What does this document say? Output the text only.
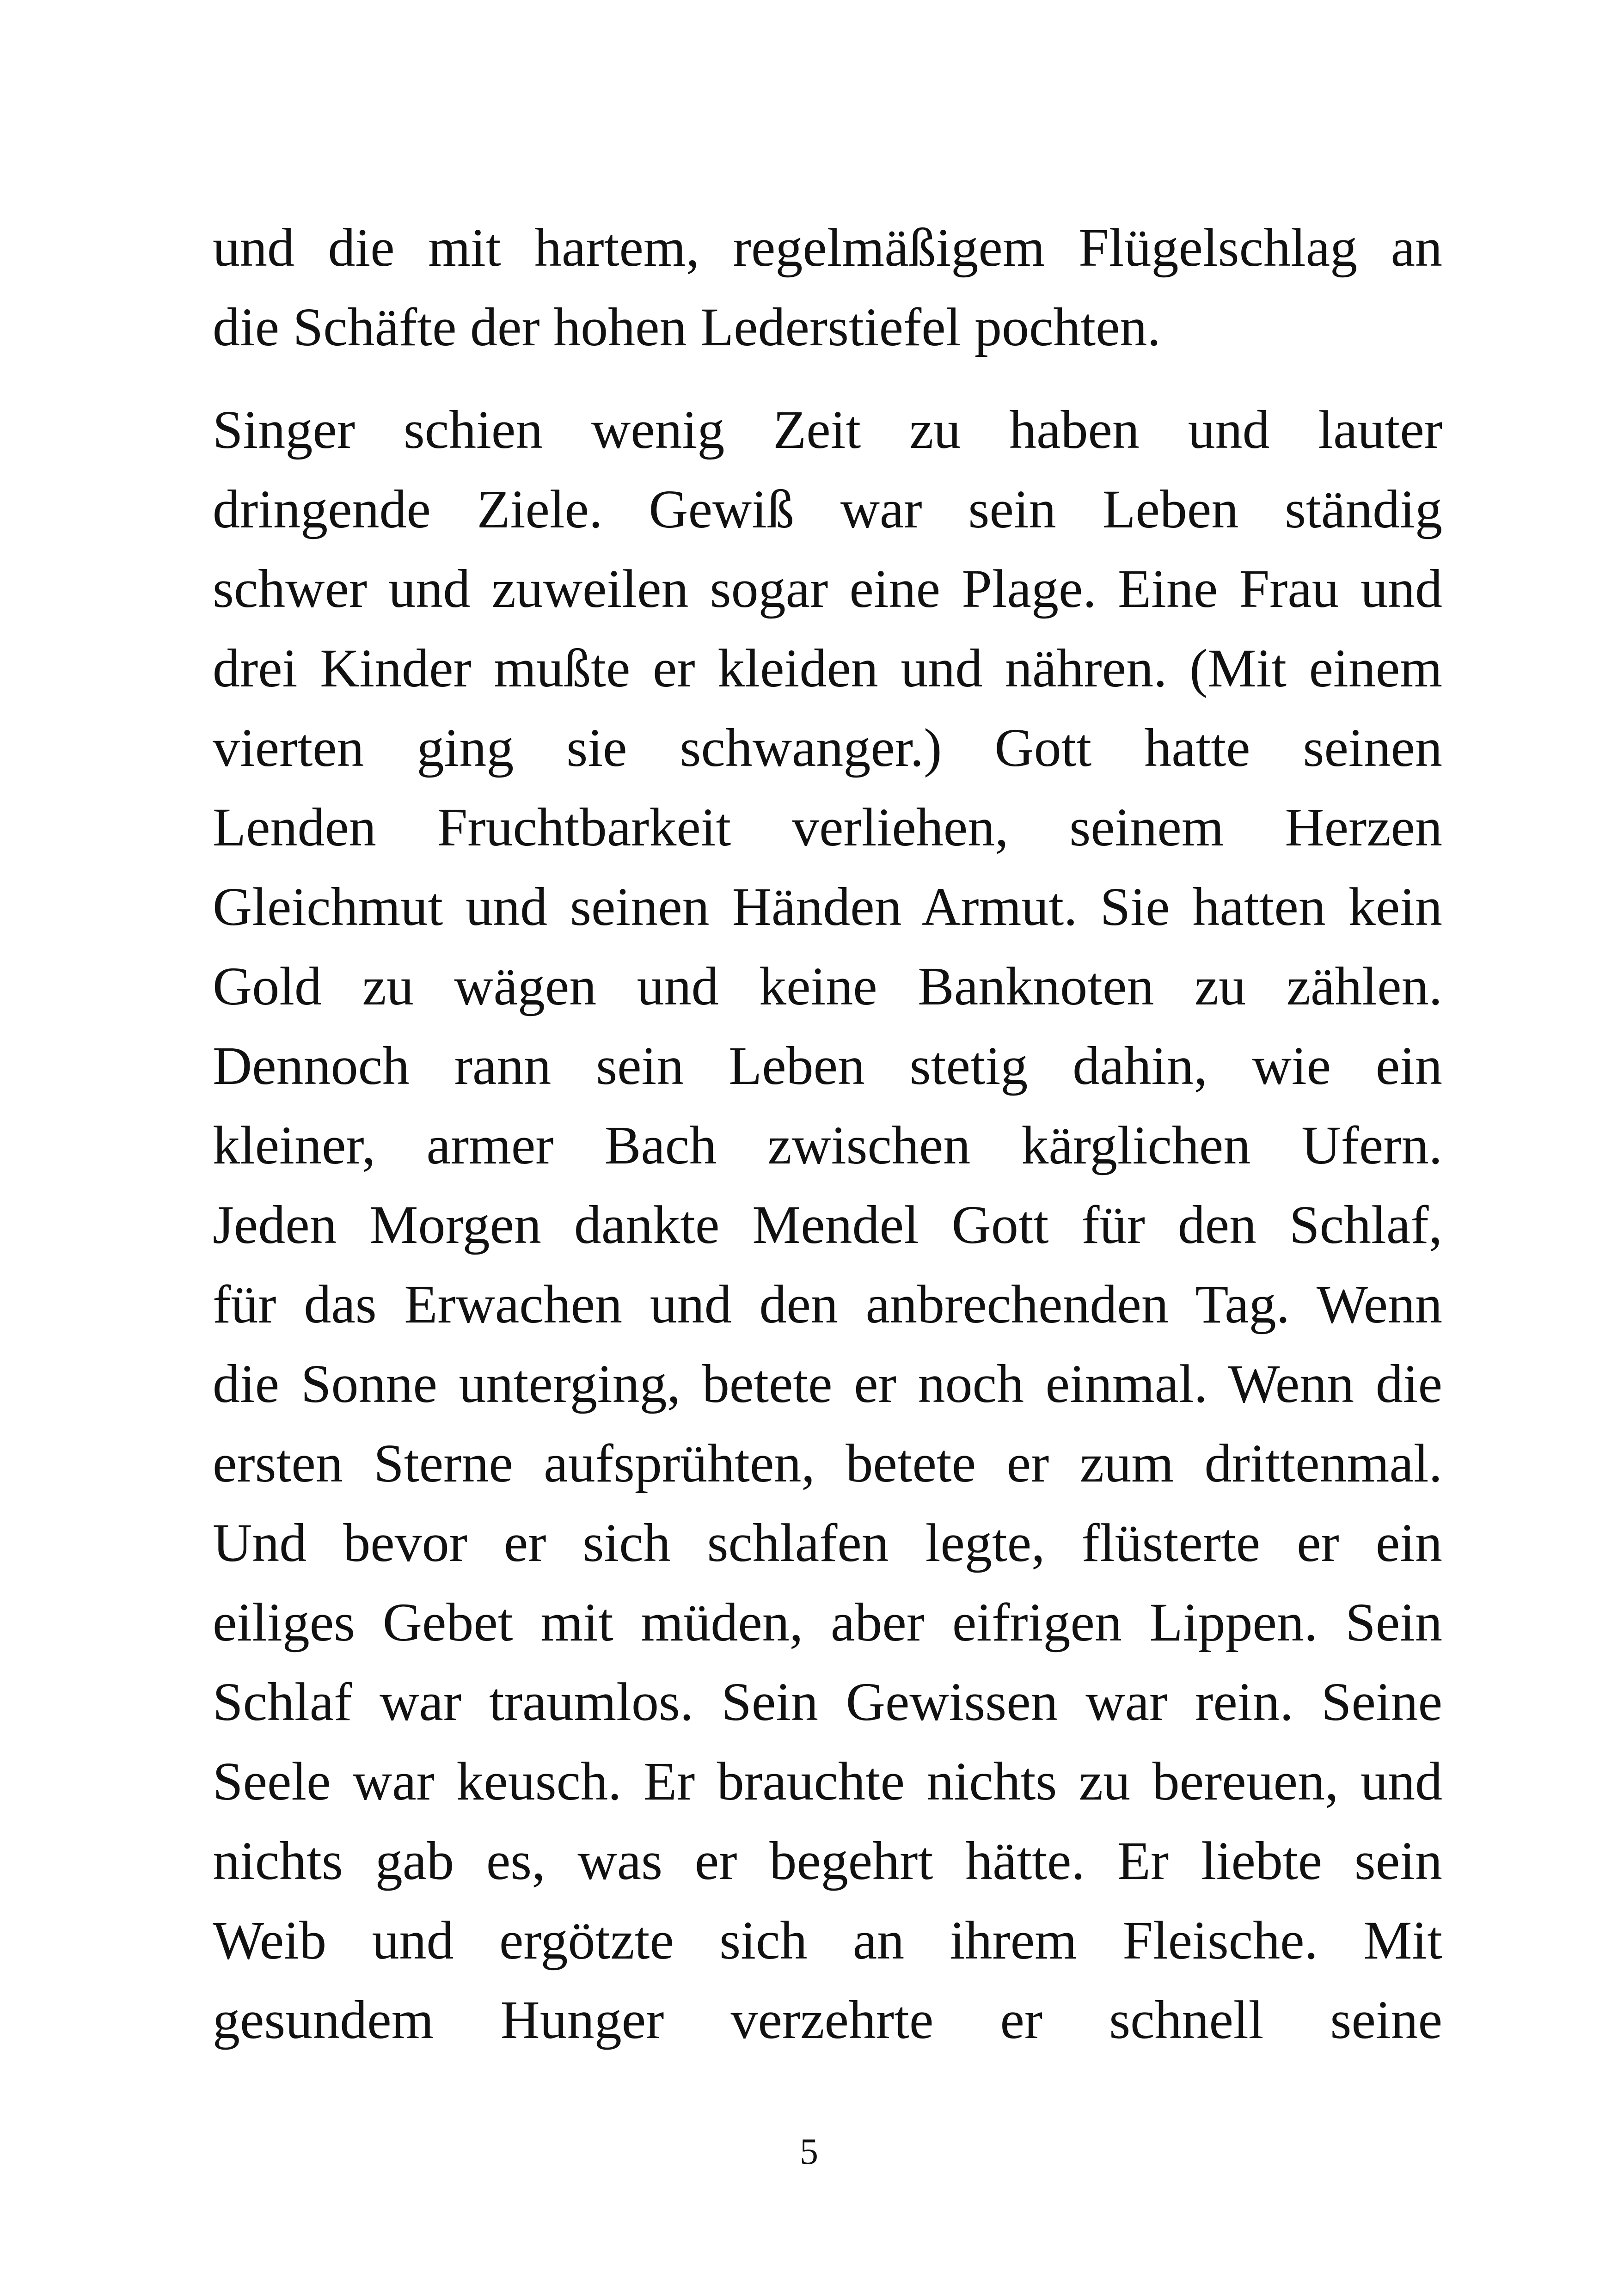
und die mit hartem, regelmäßigem Flügelschlag an
die Schäfte der hohen Lederstiefel pochten.

Singer schien wenig Zeit zu haben und lauter
dringende Ziele. Gewiß war sein Leben ständig
schwer und zuweilen sogar eine Plage. Eine Frau und
drei Kinder mußte er kleiden und nähren. (Mit einem
vierten ging sie schwanger.) Gott hatte seinen
Lenden Fruchtbarkeit verliehen, seinem Herzen
Gleichmut und seinen Händen Armut. Sie hatten kein
Gold zu wägen und keine Banknoten zu zählen.
Dennoch rann sein Leben stetig dahin, wie ein
kleiner, armer Bach zwischen kärglichen Ufern.
Jeden Morgen dankte Mendel Gott für den Schlaf,
für das Erwachen und den anbrechenden Tag. Wenn
die Sonne unterging, betete er noch einmal. Wenn die
ersten Sterne aufsprühten, betete er zum drittenmal.
Und bevor er sich schlafen legte, flüsterte er ein
eiliges Gebet mit müden, aber eifrigen Lippen. Sein
Schlaf war traumlos. Sein Gewissen war rein. Seine
Seele war keusch. Er brauchte nichts zu bereuen, und
nichts gab es, was er begehrt hätte. Er liebte sein
Weib und ergötzte sich an ihrem Fleische. Mit
gesundem Hunger verzehrte er schnell seine

5
